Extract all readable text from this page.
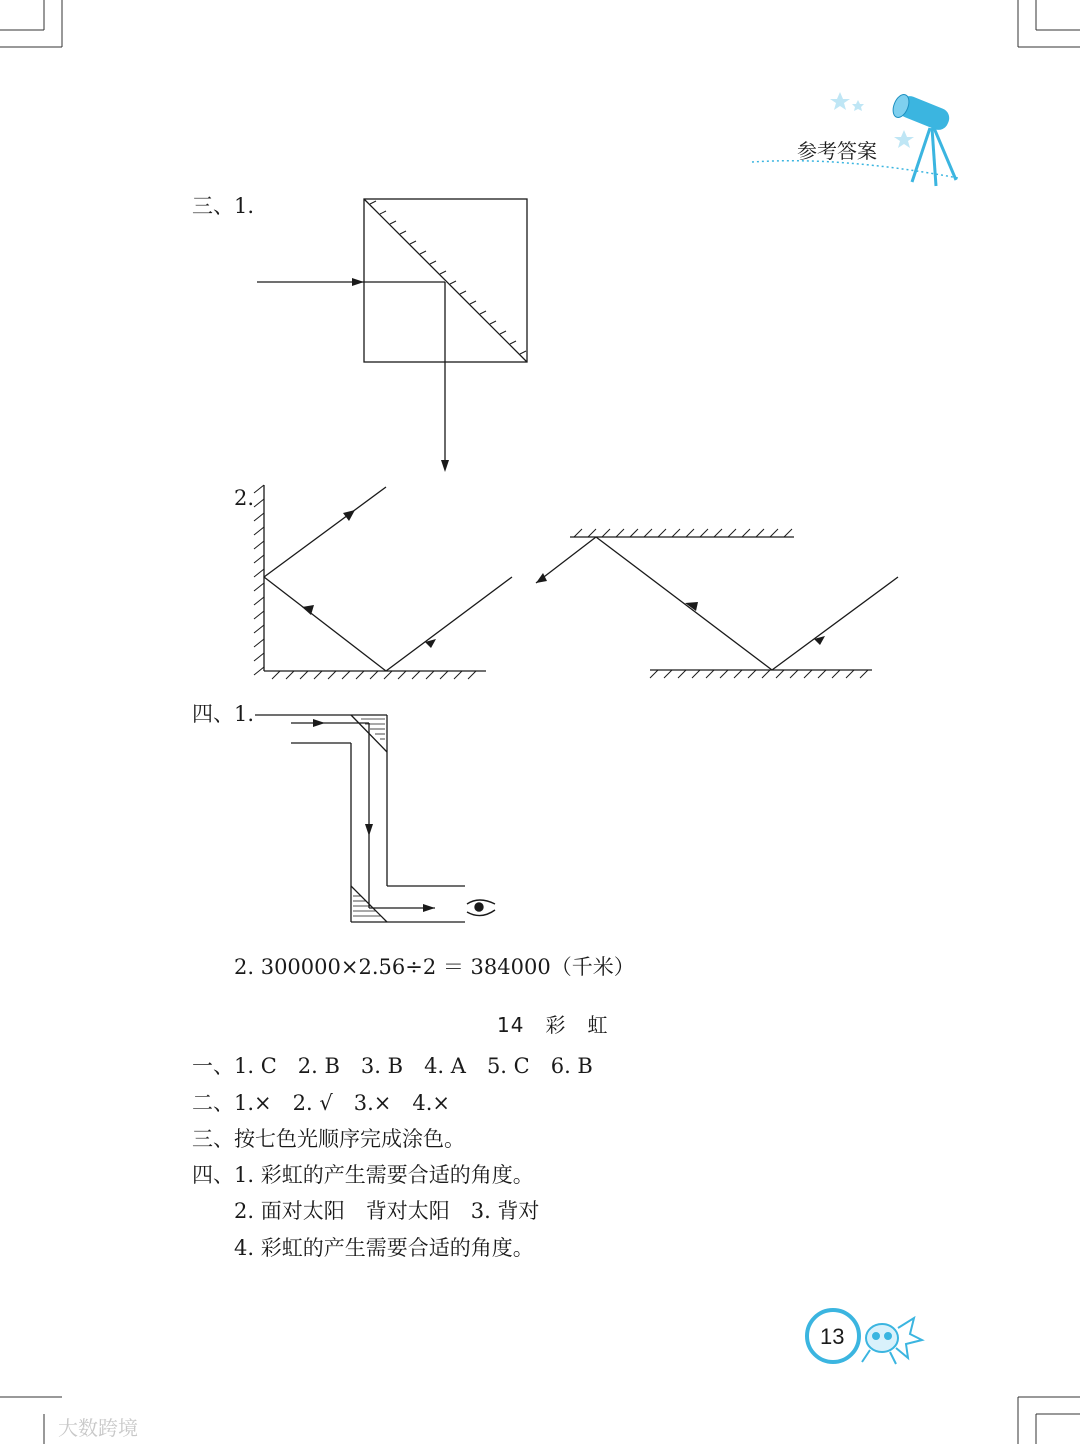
参考答案
三、1.
2.
四、1.
2. 300000×2.56÷2 ＝ 384000（千米）
14　彩　虹
一、1. C　2. B　3. B　4. A　5. C　6. B
二、1.×　2. √　3.×　4.×
三、按七色光顺序完成涂色。
四、1. 彩虹的产生需要合适的角度。
2. 面对太阳　背对太阳　3. 背对
4. 彩虹的产生需要合适的角度。
13
大数跨境
